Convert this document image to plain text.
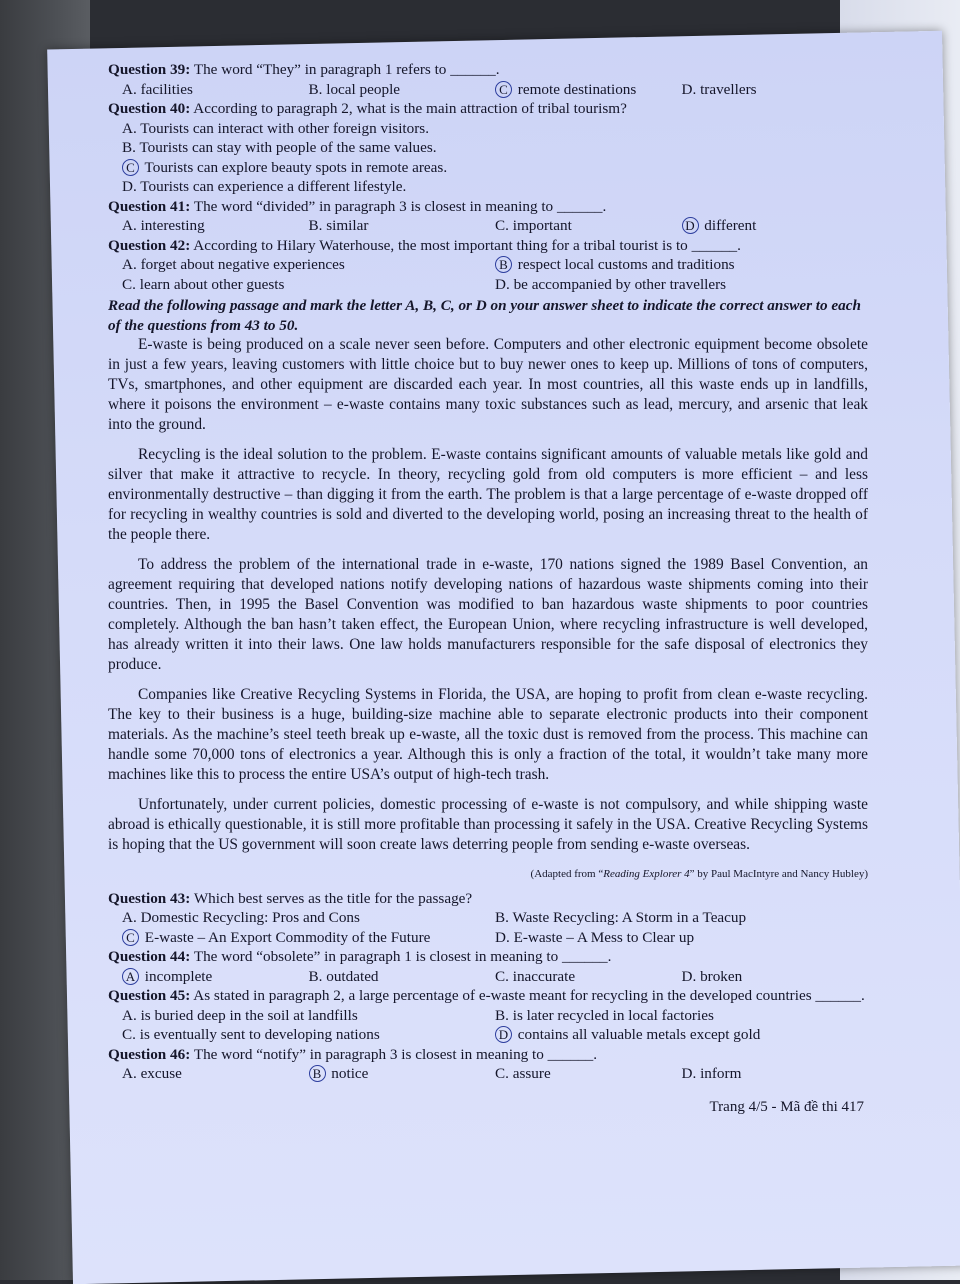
Question 39: The word “They” in paragraph 1 refers to ______.
A. facilities	B. local people	C remote destinations	D. travellers
Question 40: According to paragraph 2, what is the main attraction of tribal tourism?
A. Tourists can interact with other foreign visitors.
B. Tourists can stay with people of the same values.
C Tourists can explore beauty spots in remote areas.
D. Tourists can experience a different lifestyle.
Question 41: The word “divided” in paragraph 3 is closest in meaning to ______.
A. interesting	B. similar	C. important	D different
Question 42: According to Hilary Waterhouse, the most important thing for a tribal tourist is to ______.
A. forget about negative experiences	B respect local customs and traditions
C. learn about other guests	D. be accompanied by other travellers
Read the following passage and mark the letter A, B, C, or D on your answer sheet to indicate the correct answer to each of the questions from 43 to 50.

E-waste is being produced on a scale never seen before. Computers and other electronic equipment become obsolete in just a few years, leaving customers with little choice but to buy newer ones to keep up. Millions of tons of computers, TVs, smartphones, and other equipment are discarded each year. In most countries, all this waste ends up in landfills, where it poisons the environment – e-waste contains many toxic substances such as lead, mercury, and arsenic that leak into the ground.

Recycling is the ideal solution to the problem. E-waste contains significant amounts of valuable metals like gold and silver that make it attractive to recycle. In theory, recycling gold from old computers is more efficient – and less environmentally destructive – than digging it from the earth. The problem is that a large percentage of e-waste dropped off for recycling in wealthy countries is sold and diverted to the developing world, posing an increasing threat to the health of the people there.

To address the problem of the international trade in e-waste, 170 nations signed the 1989 Basel Convention, an agreement requiring that developed nations notify developing nations of hazardous waste shipments coming into their countries. Then, in 1995 the Basel Convention was modified to ban hazardous waste shipments to poor countries completely. Although the ban hasn’t taken effect, the European Union, where recycling infrastructure is well developed, has already written it into their laws. One law holds manufacturers responsible for the safe disposal of electronics they produce.

Companies like Creative Recycling Systems in Florida, the USA, are hoping to profit from clean e-waste recycling. The key to their business is a huge, building-size machine able to separate electronic products into their component materials. As the machine’s steel teeth break up e-waste, all the toxic dust is removed from the process. This machine can handle some 70,000 tons of electronics a year. Although this is only a fraction of the total, it wouldn’t take many more machines like this to process the entire USA’s output of high-tech trash.

Unfortunately, under current policies, domestic processing of e-waste is not compulsory, and while shipping waste abroad is ethically questionable, it is still more profitable than processing it safely in the USA. Creative Recycling Systems is hoping that the US government will soon create laws deterring people from sending e-waste overseas.

(Adapted from “Reading Explorer 4” by Paul MacIntyre and Nancy Hubley)
Question 43: Which best serves as the title for the passage?
A. Domestic Recycling: Pros and Cons	B. Waste Recycling: A Storm in a Teacup
C E-waste – An Export Commodity of the Future	D. E-waste – A Mess to Clear up
Question 44: The word “obsolete” in paragraph 1 is closest in meaning to ______.
A incomplete	B. outdated	C. inaccurate	D. broken
Question 45: As stated in paragraph 2, a large percentage of e-waste meant for recycling in the developed countries ______.
A. is buried deep in the soil at landfills	B. is later recycled in local factories
C. is eventually sent to developing nations	D contains all valuable metals except gold
Question 46: The word “notify” in paragraph 3 is closest in meaning to ______.
A. excuse	B notice	C. assure	D. inform
Trang 4/5 - Mã đề thi 417
